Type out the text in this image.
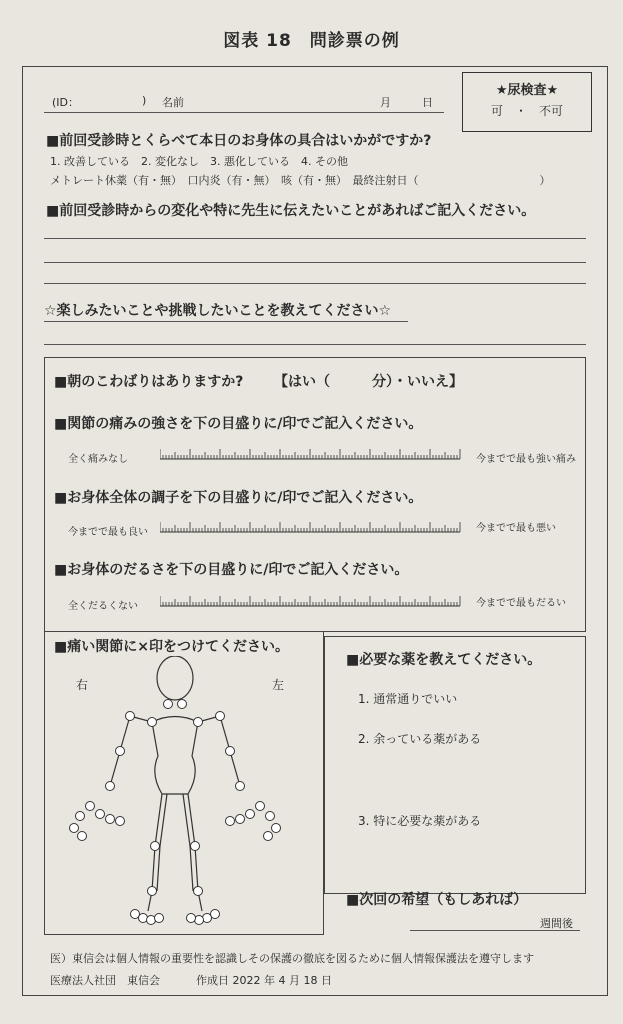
図表 18　問診票の例
(ID：	) 名前	月	日
★尿検査★
可　・　不可
■前回受診時とくらべて本日のお身体の具合はいかがですか?
1. 改善している　2. 変化なし　3. 悪化している　4. その他
メトレート休薬（有・無）　口内炎（有・無）　咳（有・無）　最終注射日（　　　　　　　　　　　）
■前回受診時からの変化や特に先生に伝えたいことがあればご記入ください。
☆楽しみたいことや挑戦したいことを教えてください☆
■朝のこわばりはありますか? 【はい（　　　分）・いいえ】
■関節の痛みの強さを下の目盛りに/印でご記入ください。
全く痛みなし	今までで最も強い痛み
■お身体全体の調子を下の目盛りに/印でご記入ください。
今までで最も良い	今までで最も悪い
■お身体のだるさを下の目盛りに/印でご記入ください。
全くだるくない	今までで最もだるい
■痛い関節に×印をつけてください。
右	左
■必要な薬を教えてください。
1. 通常通りでいい
2. 余っている薬がある
3. 特に必要な薬がある
■次回の希望（もしあれば）
週間後
医）東信会は個人情報の重要性を認識しその保護の徹底を図るために個人情報保護法を遵守します
医療法人社団　東信会	作成日 2022 年 4 月 18 日
